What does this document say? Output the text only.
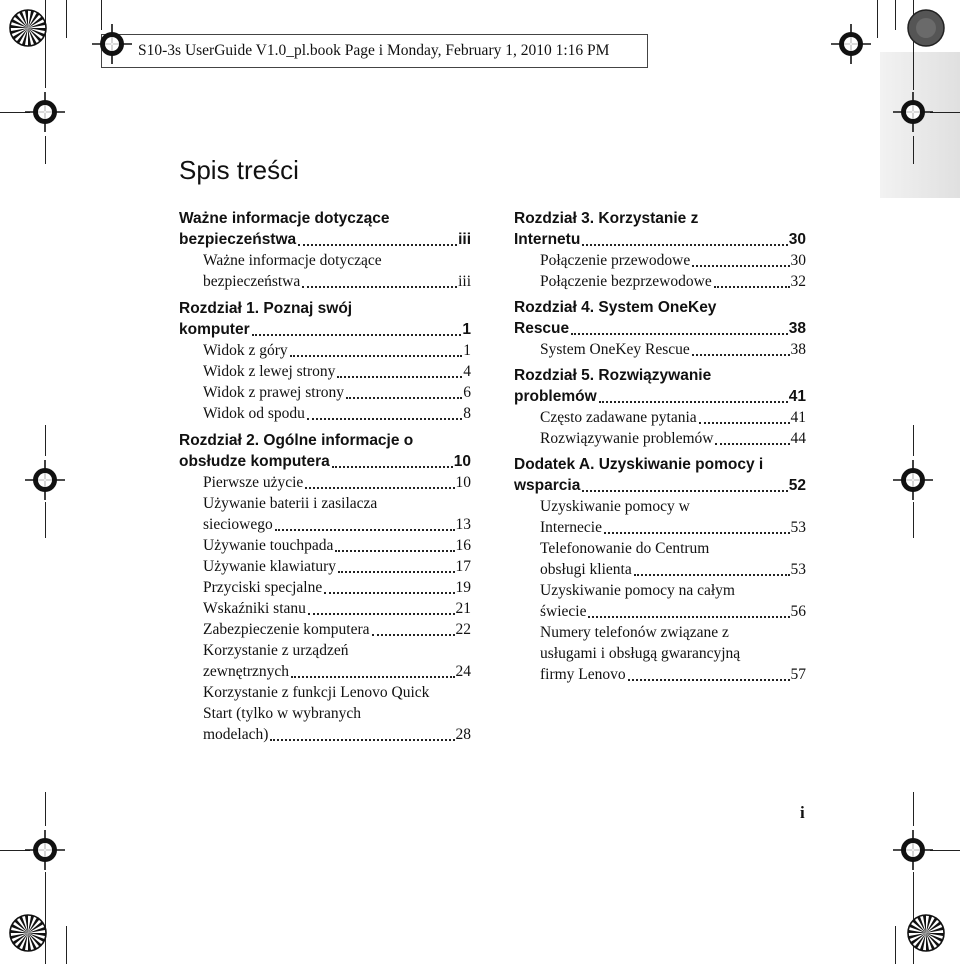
S10-3s UserGuide V1.0_pl.book Page i Monday, February 1, 2010 1:16 PM
Spis treści
Ważne informacje dotyczące
bezpieczeństwa	iii
Ważne informacje dotyczące
bezpieczeństwa	iii
Rozdział 1. Poznaj swój
komputer	1
Widok z góry	1
Widok z lewej strony	4
Widok z prawej strony	6
Widok od spodu	8
Rozdział 2. Ogólne informacje o
obsłudze komputera	10
Pierwsze użycie	10
Używanie baterii i zasilacza
sieciowego	13
Używanie touchpada	16
Używanie klawiatury	17
Przyciski specjalne	19
Wskaźniki stanu	21
Zabezpieczenie komputera	22
Korzystanie z urządzeń
zewnętrznych	24
Korzystanie z funkcji Lenovo Quick
Start (tylko w wybranych
modelach)	28
Rozdział 3. Korzystanie z
Internetu	30
Połączenie przewodowe	30
Połączenie bezprzewodowe	32
Rozdział 4. System OneKey
Rescue	38
System OneKey Rescue	38
Rozdział 5. Rozwiązywanie
problemów	41
Często zadawane pytania	41
Rozwiązywanie problemów	44
Dodatek A. Uzyskiwanie pomocy i
wsparcia	52
Uzyskiwanie pomocy w
Internecie	53
Telefonowanie do Centrum
obsługi klienta	53
Uzyskiwanie pomocy na całym
świecie	56
Numery telefonów związane z
usługami i obsługą gwarancyjną
firmy Lenovo	57
i
